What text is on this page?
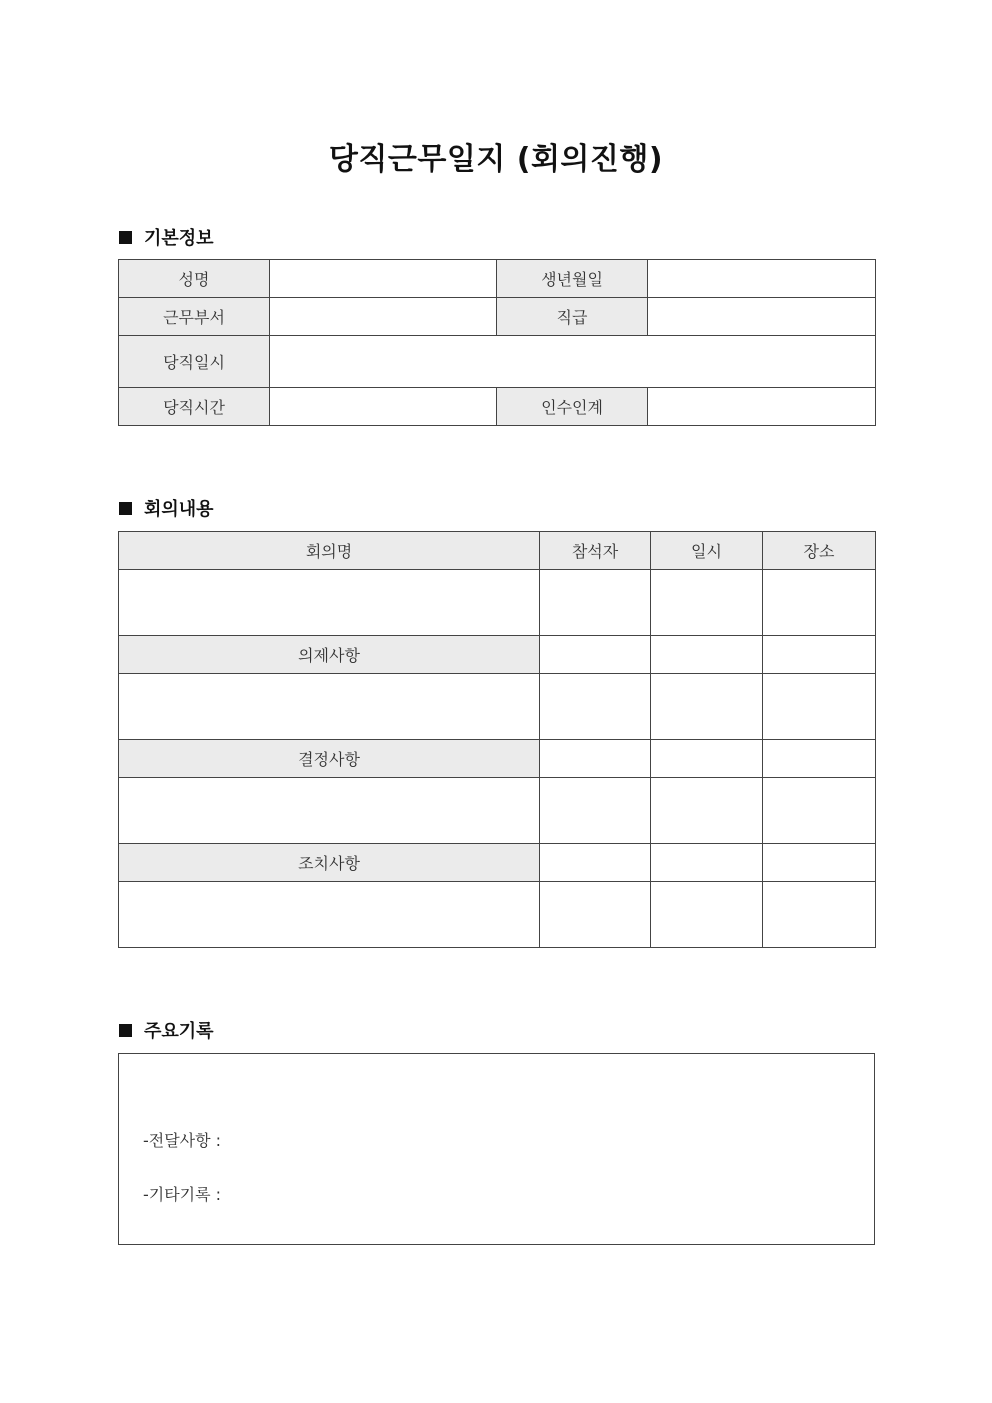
당직근무일지 (회의진행)
기본정보
성명		생년월일	
근무부서		직급	
당직일시			
당직시간		인수인계	
회의내용
회의명	참석자	일시	장소

의제사항			

결정사항			

조치사항			

주요기록
-전달사항 :
-기타기록 :
